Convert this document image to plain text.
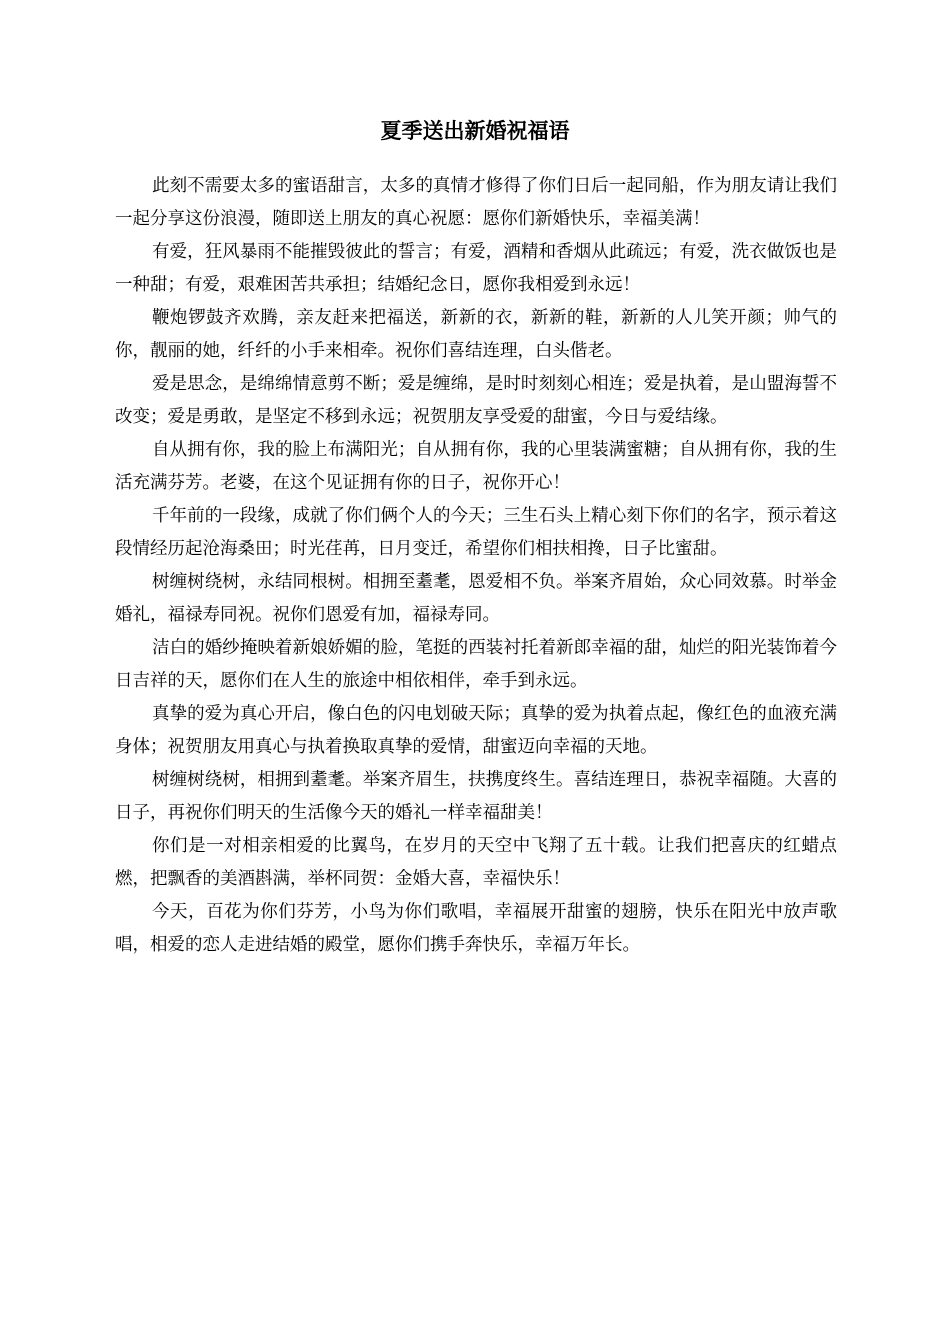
夏季送出新婚祝福语

此刻不需要太多的蜜语甜言，太多的真情才修得了你们日后一起同船，作为朋友请让我们一起分享这份浪漫，随即送上朋友的真心祝愿：愿你们新婚快乐，幸福美满！

有爱，狂风暴雨不能摧毁彼此的誓言；有爱，酒精和香烟从此疏远；有爱，洗衣做饭也是一种甜；有爱，艰难困苦共承担；结婚纪念日，愿你我相爱到永远！

鞭炮锣鼓齐欢腾，亲友赶来把福送，新新的衣，新新的鞋，新新的人儿笑开颜；帅气的你，靓丽的她，纤纤的小手来相牵。祝你们喜结连理，白头偕老。

爱是思念，是绵绵情意剪不断；爱是缠绵，是时时刻刻心相连；爱是执着，是山盟海誓不改变；爱是勇敢，是坚定不移到永远；祝贺朋友享受爱的甜蜜，今日与爱结缘。

自从拥有你，我的脸上布满阳光；自从拥有你，我的心里装满蜜糖；自从拥有你，我的生活充满芬芳。老婆，在这个见证拥有你的日子，祝你开心！

千年前的一段缘，成就了你们俩个人的今天；三生石头上精心刻下你们的名字，预示着这段情经历起沧海桑田；时光荏苒，日月变迁，希望你们相扶相搀，日子比蜜甜。

树缠树绕树，永结同根树。相拥至耋耄，恩爱相不负。举案齐眉始，众心同效慕。时举金婚礼，福禄寿同祝。祝你们恩爱有加，福禄寿同。

洁白的婚纱掩映着新娘娇媚的脸，笔挺的西装衬托着新郎幸福的甜，灿烂的阳光装饰着今日吉祥的天，愿你们在人生的旅途中相依相伴，牵手到永远。

真挚的爱为真心开启，像白色的闪电划破天际；真挚的爱为执着点起，像红色的血液充满身体；祝贺朋友用真心与执着换取真挚的爱情，甜蜜迈向幸福的天地。

树缠树绕树，相拥到耋耄。举案齐眉生，扶携度终生。喜结连理日，恭祝幸福随。大喜的日子，再祝你们明天的生活像今天的婚礼一样幸福甜美！

你们是一对相亲相爱的比翼鸟，在岁月的天空中飞翔了五十载。让我们把喜庆的红蜡点燃，把飘香的美酒斟满，举杯同贺：金婚大喜，幸福快乐！

今天，百花为你们芬芳，小鸟为你们歌唱，幸福展开甜蜜的翅膀，快乐在阳光中放声歌唱，相爱的恋人走进结婚的殿堂，愿你们携手奔快乐，幸福万年长。
